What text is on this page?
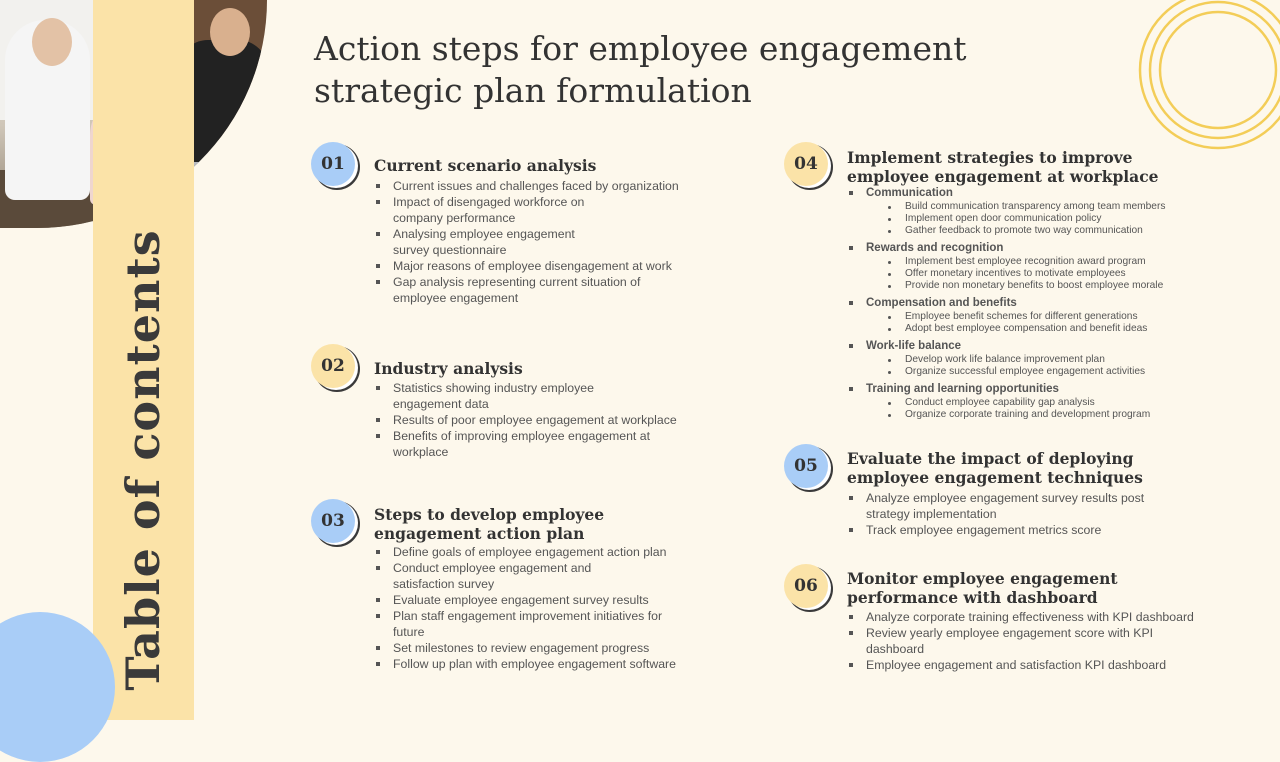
Table of contents
Action steps for employee engagement strategic plan formulation
01	Current scenario analysis
Current issues and challenges faced by organization
Impact of disengaged workforce on company performance
Analysing employee engagement survey questionnaire
Major reasons of employee disengagement at work
Gap analysis representing current situation of employee engagement
02	Industry analysis
Statistics showing industry employee engagement data
Results of poor employee engagement at workplace
Benefits of improving employee engagement at workplace
03	Steps to develop employee engagement action plan
Define goals of employee engagement action plan
Conduct employee engagement and satisfaction survey
Evaluate employee engagement survey results
Plan staff engagement improvement initiatives for future
Set milestones to review engagement progress
Follow up plan with employee engagement software
04	Implement strategies to improve employee engagement at workplace
Communication
Build communication transparency among team members
Implement open door communication policy
Gather feedback to promote two way communication
Rewards and recognition
Implement best employee recognition award program
Offer monetary incentives to motivate employees
Provide non monetary benefits to boost employee morale
Compensation and benefits
Employee benefit schemes for different generations
Adopt best employee compensation and benefit ideas
Work-life balance
Develop work life balance improvement plan
Organize successful employee engagement activities
Training and learning opportunities
Conduct employee capability gap analysis
Organize corporate training and development program
05	Evaluate the impact of deploying employee engagement techniques
Analyze employee engagement survey results post strategy implementation
Track employee engagement metrics score
06	Monitor employee engagement performance with dashboard
Analyze corporate training effectiveness with KPI dashboard
Review yearly employee engagement score with KPI dashboard
Employee engagement and satisfaction KPI dashboard
